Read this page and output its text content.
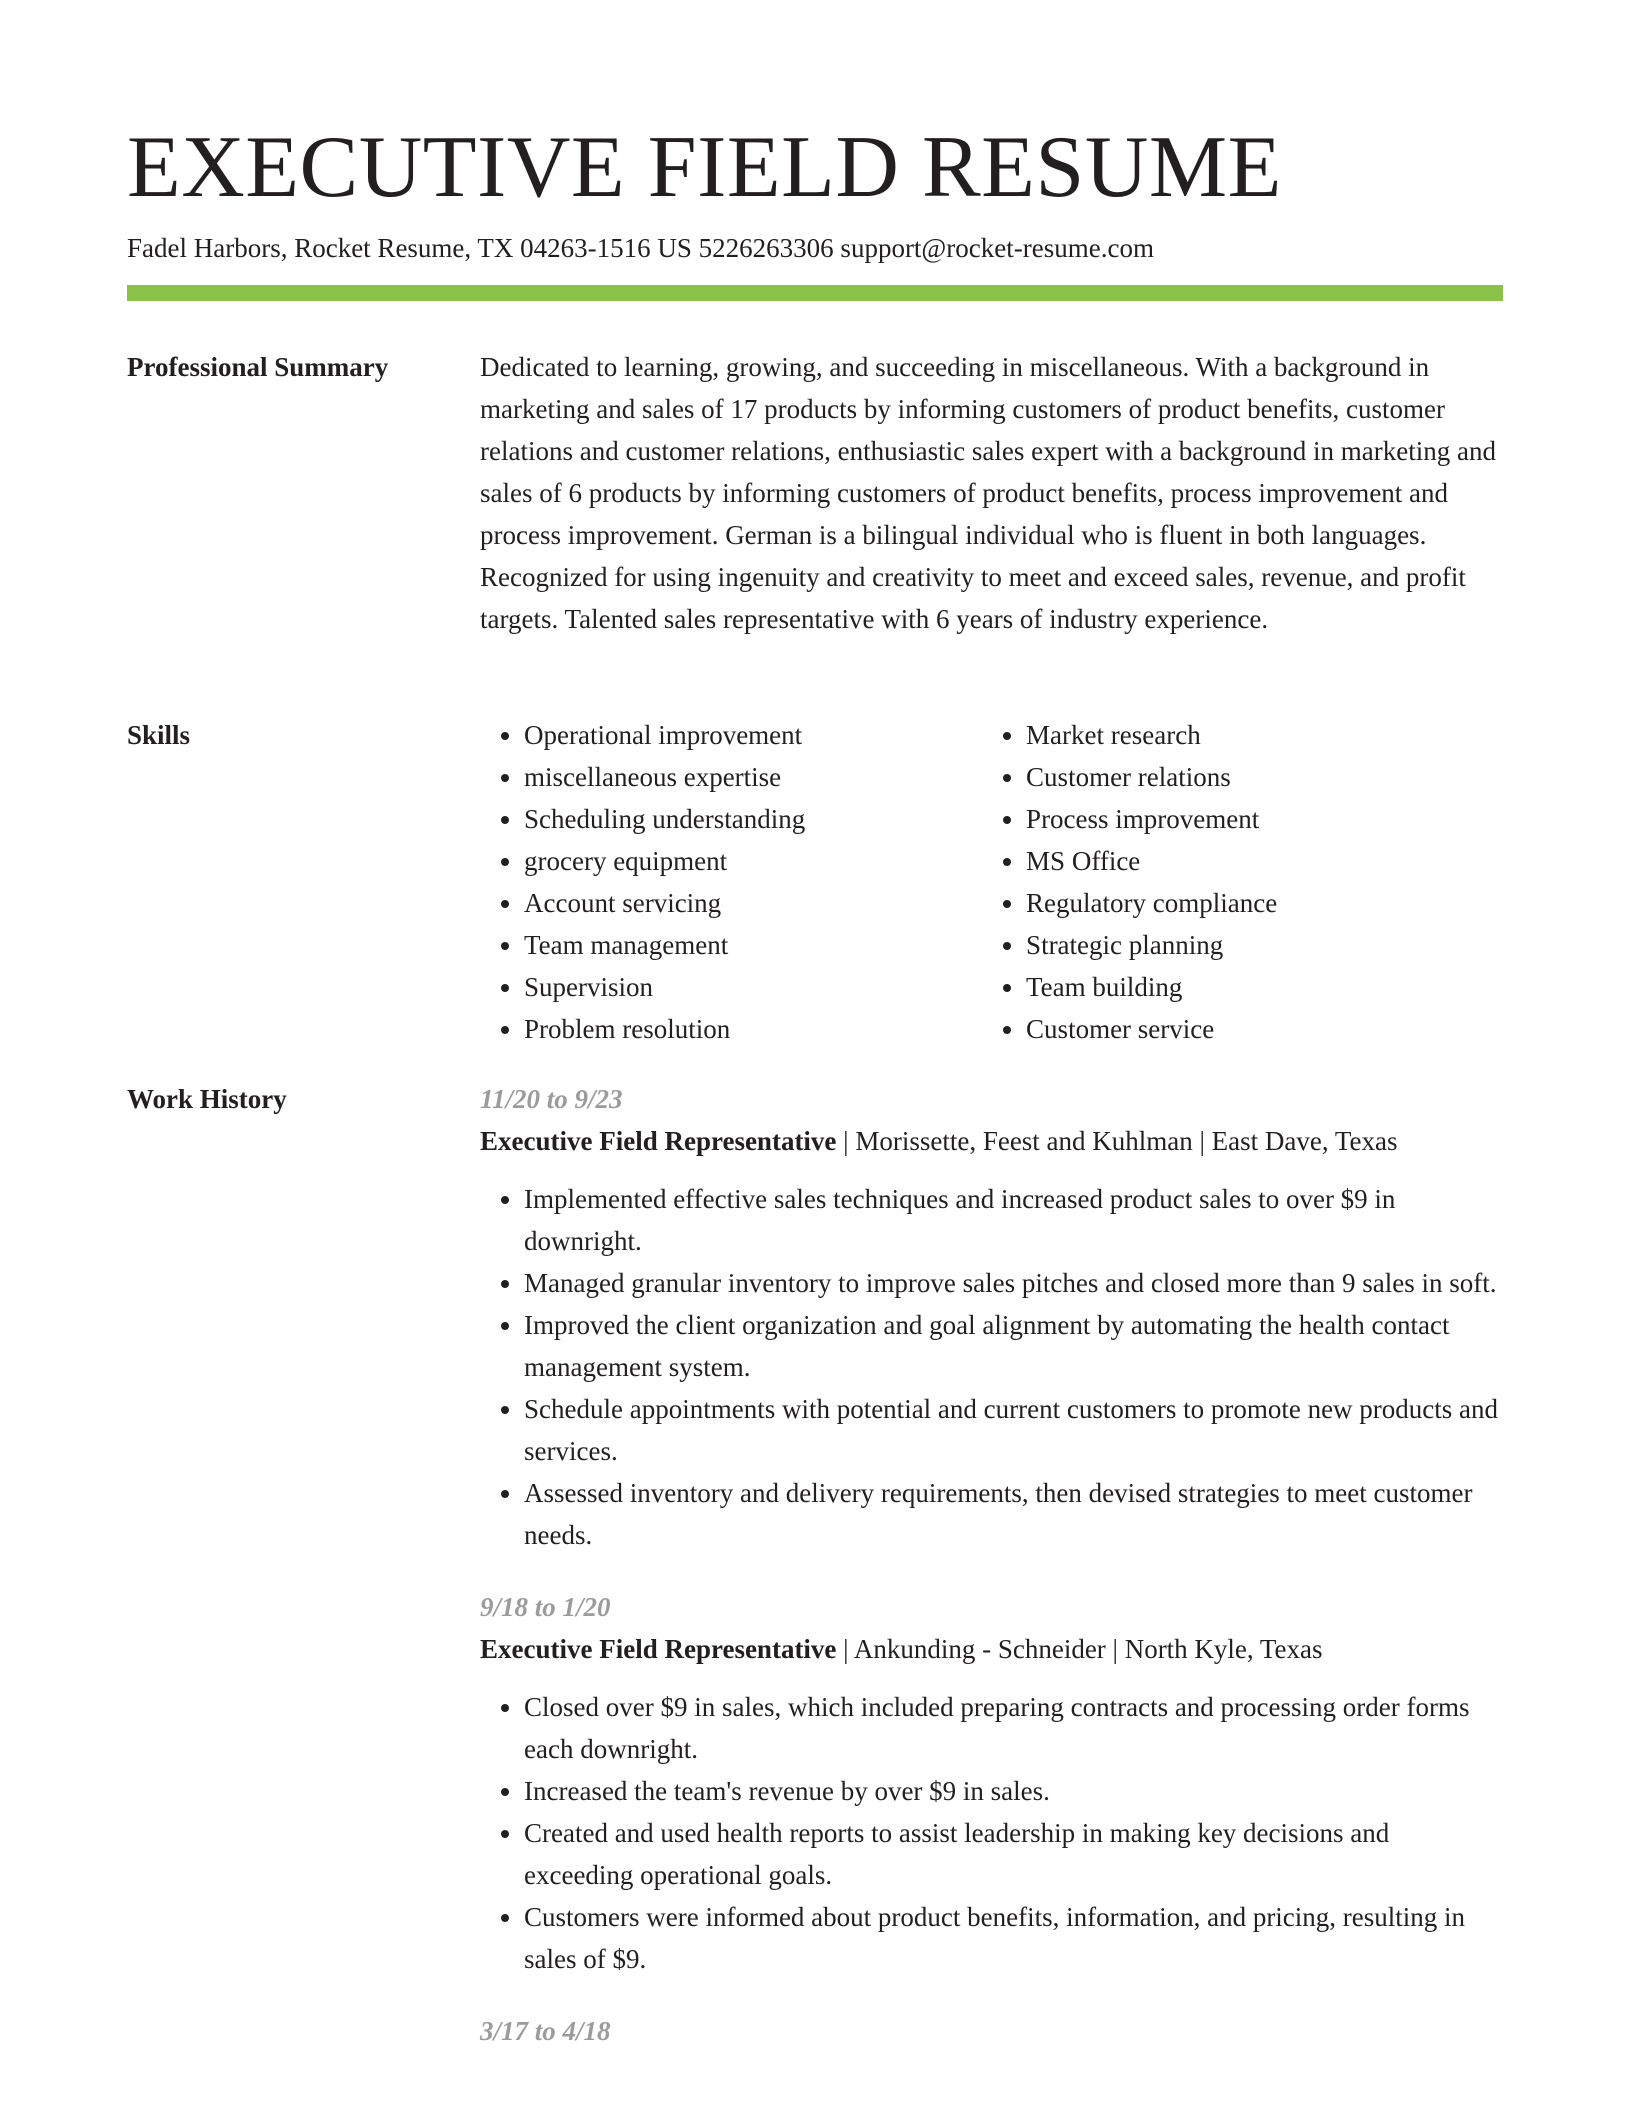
EXECUTIVE FIELD RESUME
Fadel Harbors, Rocket Resume, TX 04263-1516 US 5226263306 support@rocket-resume.com
Professional Summary	Dedicated to learning, growing, and succeeding in miscellaneous. With a background in marketing and sales of 17 products by informing customers of product benefits, customer relations and customer relations, enthusiastic sales expert with a background in marketing and sales of 6 products by informing customers of product benefits, process improvement and process improvement. German is a bilingual individual who is fluent in both languages. Recognized for using ingenuity and creativity to meet and exceed sales, revenue, and profit targets. Talented sales representative with 6 years of industry experience.

Skills
•	Operational improvement
• miscellaneous expertise
• Scheduling understanding
• grocery equipment
• Account servicing
• Team management
• Supervision
• Problem resolution
• Market research
• Customer relations
• Process improvement
• MS Office
• Regulatory compliance
• Strategic planning
• Team building
• Customer service
Work History	11/20 to 9/23
Executive Field Representative | Morissette, Feest and Kuhlman | East Dave, Texas
• Implemented effective sales techniques and increased product sales to over $9 in downright.
• Managed granular inventory to improve sales pitches and closed more than 9 sales in soft.
• Improved the client organization and goal alignment by automating the health contact management system.
• Schedule appointments with potential and current customers to promote new products and services.
• Assessed inventory and delivery requirements, then devised strategies to meet customer needs.
9/18 to 1/20
Executive Field Representative | Ankunding - Schneider | North Kyle, Texas
• Closed over $9 in sales, which included preparing contracts and processing order forms each downright.
• Increased the team's revenue by over $9 in sales.
• Created and used health reports to assist leadership in making key decisions and exceeding operational goals.
• Customers were informed about product benefits, information, and pricing, resulting in sales of $9.
3/17 to 4/18
